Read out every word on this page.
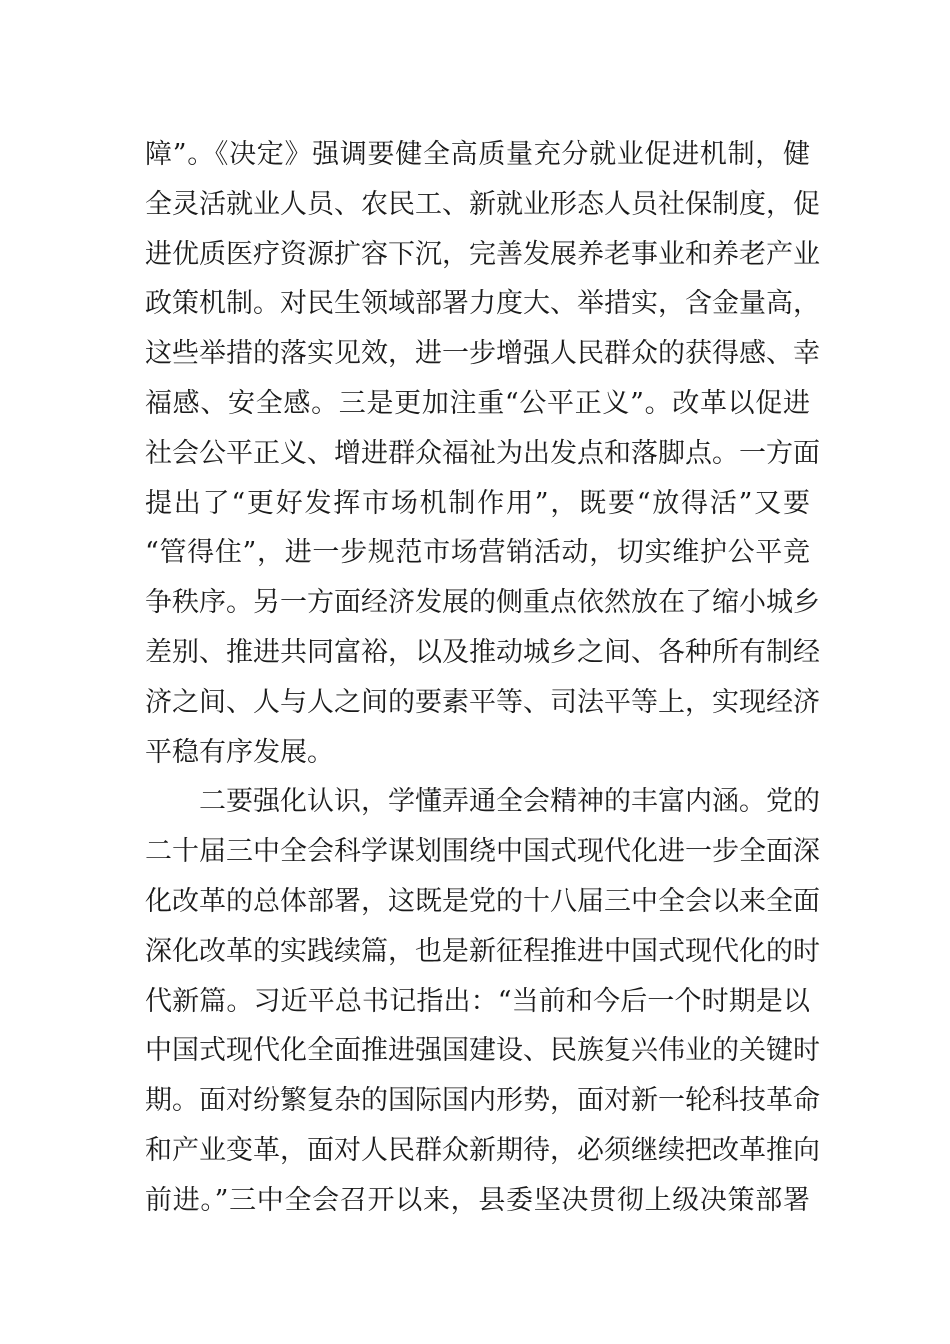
障”。《决定》强调要健全高质量充分就业促进机制，健
全灵活就业人员、农民工、新就业形态人员社保制度，促
进优质医疗资源扩容下沉，完善发展养老事业和养老产业
政策机制。对民生领域部署力度大、举措实，含金量高，
这些举措的落实见效，进一步增强人民群众的获得感、幸
福感、安全感。三是更加注重“公平正义”。改革以促进
社会公平正义、增进群众福祉为出发点和落脚点。一方面
提出了“更好发挥市场机制作用”，既要“放得活”又要
“管得住”，进一步规范市场营销活动，切实维护公平竞
争秩序。另一方面经济发展的侧重点依然放在了缩小城乡
差别、推进共同富裕，以及推动城乡之间、各种所有制经
济之间、人与人之间的要素平等、司法平等上，实现经济
平稳有序发展。
二要强化认识，学懂弄通全会精神的丰富内涵。党的
二十届三中全会科学谋划围绕中国式现代化进一步全面深
化改革的总体部署，这既是党的十八届三中全会以来全面
深化改革的实践续篇，也是新征程推进中国式现代化的时
代新篇。习近平总书记指出：“当前和今后一个时期是以
中国式现代化全面推进强国建设、民族复兴伟业的关键时
期。面对纷繁复杂的国际国内形势，面对新一轮科技革命
和产业变革，面对人民群众新期待，必须继续把改革推向
前进。”三中全会召开以来，县委坚决贯彻上级决策部署
